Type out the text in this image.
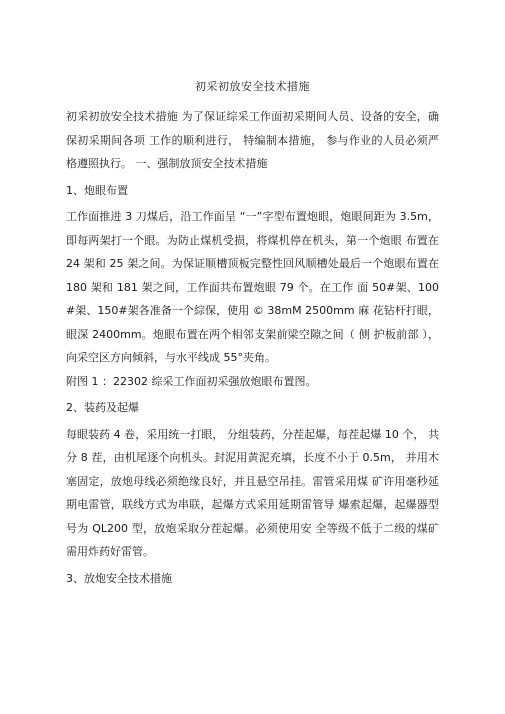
初采初放安全技术措施

初采初放安全技术措施 为了保证综采工作面初采期间人员、设备的安全，确保初采期间各项 工作的顺利进行， 特编制本措施， 参与作业的人员必须严格遵照执行。 一、强制放顶安全技术措施

1、炮眼布置

工作面推进 3 刀煤后，沿工作面呈 “一”字型布置炮眼，炮眼间距为 3.5m，即每两架打一个眼。为防止煤机受损，将煤机停在机头，第一个炮眼 布置在 24 架和 25 架之间。为保证顺槽顶板完整性回风顺槽处最后一个炮眼布置在 180 架和 181 架之间，工作面共布置炮眼 79 个。在工作 面 50#架、100#架、150#架各准备一个綜保，使用 © 38mM 2500mm 麻 花钻杆打眼，眼深 2400mm。炮眼布置在两个相邻支架前梁空隙之间（ 侧 护板前部 ），向采空区方向倾斜，与水平线成 55°夹角。

附图 1 ：22302 综采工作面初采强放炮眼布置图。

2、装药及起爆

每眼装药 4 卷，采用统一打眼， 分组装药，分茬起爆，每茬起爆 10 个， 共分 8 茬，由机尾逐个向机头。封泥用黄泥充填，长度不小于 0.5m， 并用木塞固定，放炮母线必须绝缘良好，并且悬空吊挂。雷管采用煤 矿许用毫秒延期电雷管，联线方式为串联，起爆方式采用延期雷管导 爆索起爆，起爆器型号为 QL200 型，放炮采取分茬起爆。必须使用安 全等级不低于二级的煤矿需用炸药好雷管。

3、放炮安全技术措施
